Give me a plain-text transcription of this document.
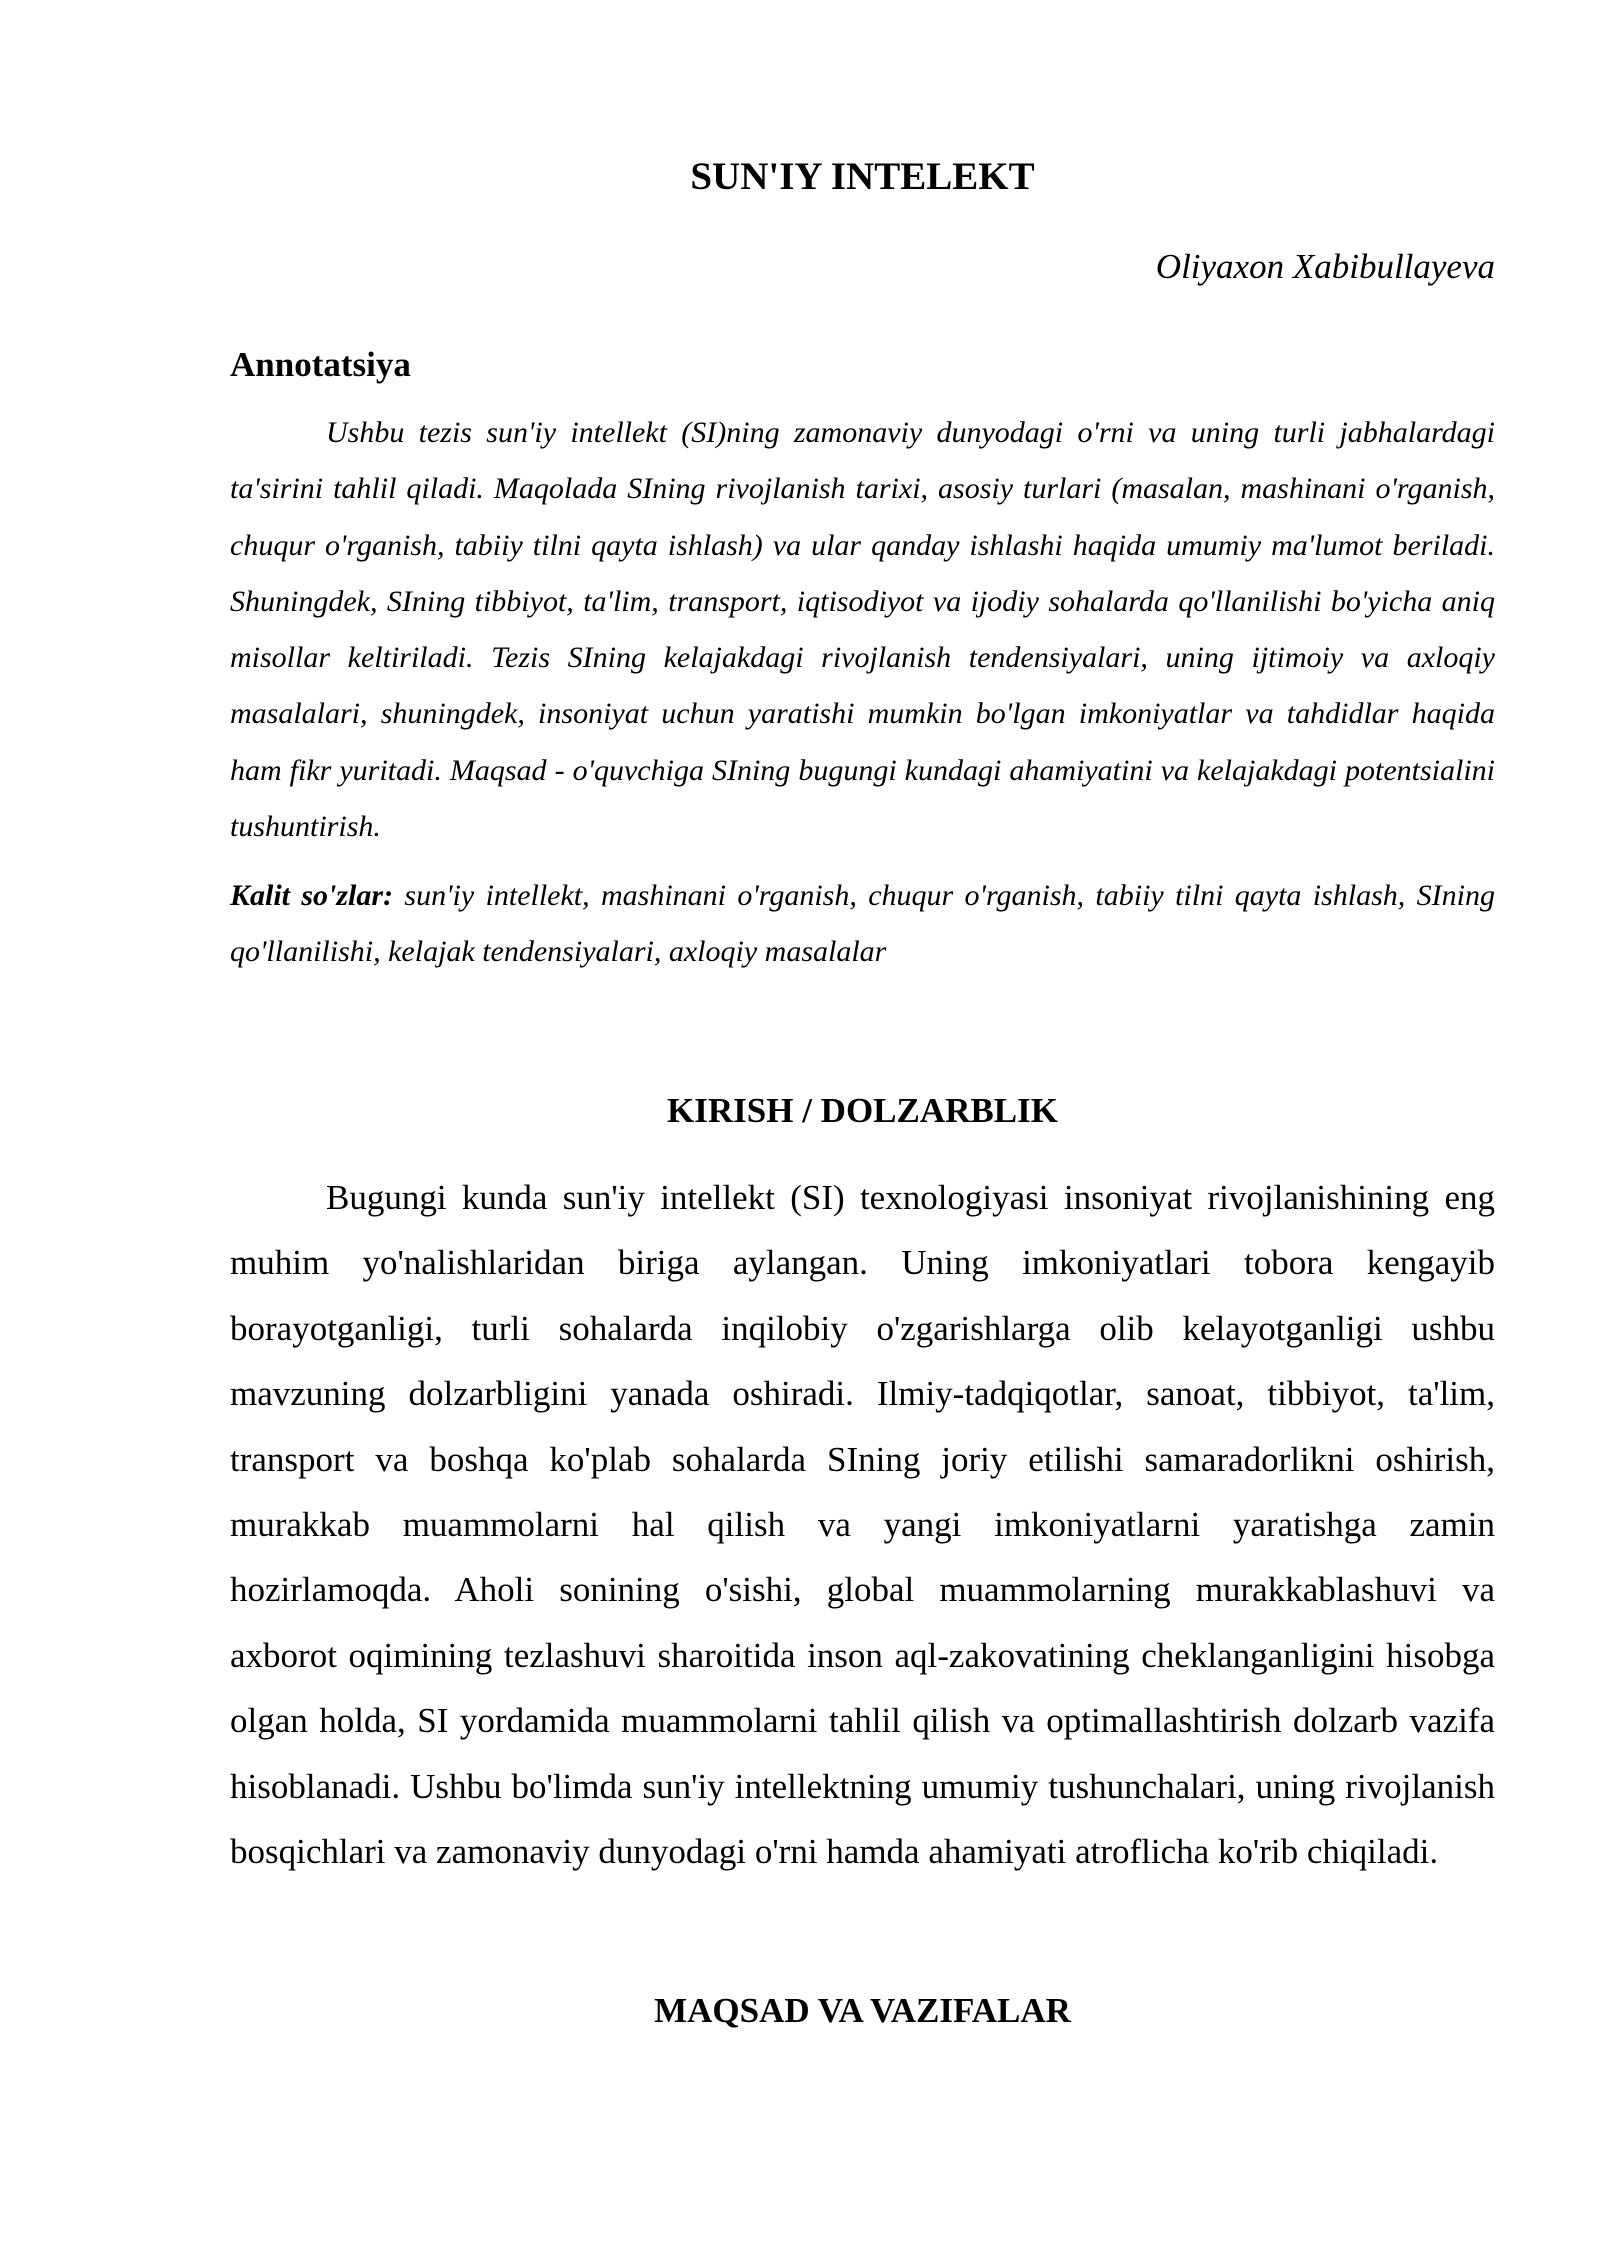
SUN'IY INTELEKT

Oliyaxon Xabibullayeva

Annotatsiya

Ushbu tezis sun'iy intellekt (SI)ning zamonaviy dunyodagi o'rni va uning turli jabhalardagi ta'sirini tahlil qiladi. Maqolada SIning rivojlanish tarixi, asosiy turlari (masalan, mashinani o'rganish, chuqur o'rganish, tabiiy tilni qayta ishlash) va ular qanday ishlashi haqida umumiy ma'lumot beriladi. Shuningdek, SIning tibbiyot, ta'lim, transport, iqtisodiyot va ijodiy sohalarda qo'llanilishi bo'yicha aniq misollar keltiriladi. Tezis SIning kelajakdagi rivojlanish tendensiyalari, uning ijtimoiy va axloqiy masalalari, shuningdek, insoniyat uchun yaratishi mumkin bo'lgan imkoniyatlar va tahdidlar haqida ham fikr yuritadi. Maqsad - o'quvchiga SIning bugungi kundagi ahamiyatini va kelajakdagi potentsialini tushuntirish.

Kalit so'zlar: sun'iy intellekt, mashinani o'rganish, chuqur o'rganish, tabiiy tilni qayta ishlash, SIning qo'llanilishi, kelajak tendensiyalari, axloqiy masalalar

KIRISH / DOLZARBLIK

Bugungi kunda sun'iy intellekt (SI) texnologiyasi insoniyat rivojlanishining eng muhim yo'nalishlaridan biriga aylangan. Uning imkoniyatlari tobora kengayib borayotganligi, turli sohalarda inqilobiy o'zgarishlarga olib kelayotganligi ushbu mavzuning dolzarbligini yanada oshiradi. Ilmiy-tadqiqotlar, sanoat, tibbiyot, ta'lim, transport va boshqa ko'plab sohalarda SIning joriy etilishi samaradorlikni oshirish, murakkab muammolarni hal qilish va yangi imkoniyatlarni yaratishga zamin hozirlamoqda. Aholi sonining o'sishi, global muammolarning murakkablashuvi va axborot oqimining tezlashuvi sharoitida inson aql-zakovatining cheklanganligini hisobga olgan holda, SI yordamida muammolarni tahlil qilish va optimallashtirish dolzarb vazifa hisoblanadi. Ushbu bo'limda sun'iy intellektning umumiy tushunchalari, uning rivojlanish bosqichlari va zamonaviy dunyodagi o'rni hamda ahamiyati atroflicha ko'rib chiqiladi.

MAQSAD VA VAZIFALAR
